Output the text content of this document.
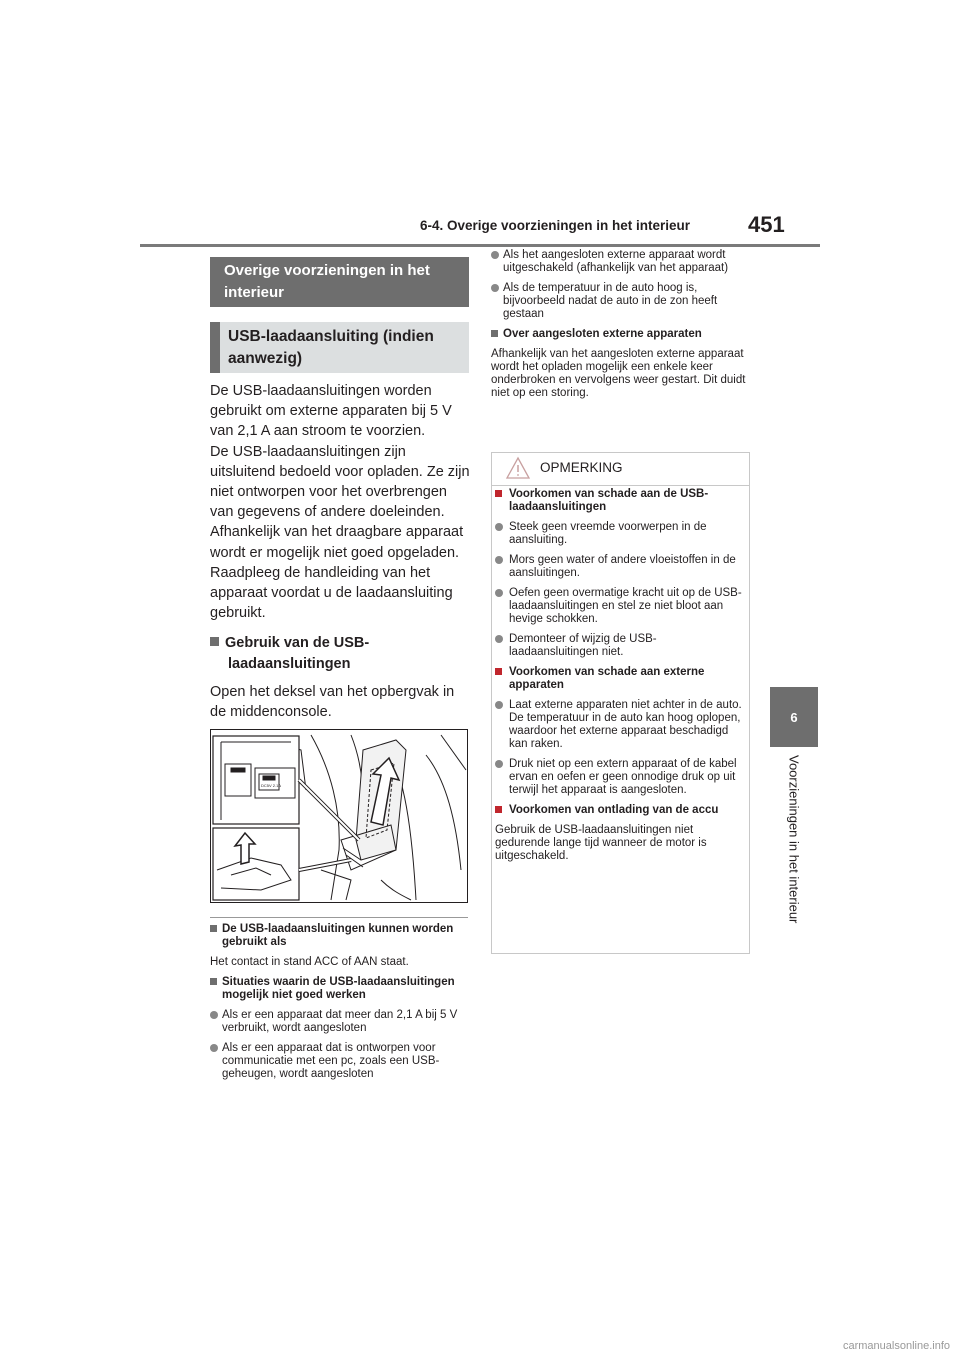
6-4. Overige voorzieningen in het interieur	451
6
Voorzieningen in het interieur
Overige voorzieningen in het interieur
USB-laadaansluiting (indien aanwezig)

De USB-laadaansluitingen worden gebruikt om externe apparaten bij 5 V van 2,1 A aan stroom te voorzien.

De USB-laadaansluitingen zijn uitsluitend bedoeld voor opladen. Ze zijn niet ontworpen voor het overbrengen van gegevens of andere doeleinden.

Afhankelijk van het draagbare apparaat wordt er mogelijk niet goed opgeladen. Raadpleeg de handleiding van het apparaat voordat u de laadaansluiting gebruikt.

Gebruik van de USB-laadaansluitingen

Open het deksel van het opbergvak in de middenconsole.

DC5V 2.1A
De USB-laadaansluitingen kunnen worden gebruikt als
Het contact in stand ACC of AAN staat.
Situaties waarin de USB-laadaansluitingen mogelijk niet goed werken
Als er een apparaat dat meer dan 2,1 A bij 5 V verbruikt, wordt aangesloten
Als er een apparaat dat is ontworpen voor communicatie met een pc, zoals een USB-geheugen, wordt aangesloten
Als het aangesloten externe apparaat wordt uitgeschakeld (afhankelijk van het apparaat)
Als de temperatuur in de auto hoog is, bijvoorbeeld nadat de auto in de zon heeft gestaan
Over aangesloten externe apparaten
Afhankelijk van het aangesloten externe apparaat wordt het opladen mogelijk een enkele keer onderbroken en vervolgens weer gestart. Dit duidt niet op een storing.
OPMERKING
Voorkomen van schade aan de USB-laadaansluitingen
Steek geen vreemde voorwerpen in de aansluiting.
Mors geen water of andere vloeistoffen in de aansluitingen.
Oefen geen overmatige kracht uit op de USB-laadaansluitingen en stel ze niet bloot aan hevige schokken.
Demonteer of wijzig de USB-laadaansluitingen niet.
Voorkomen van schade aan externe apparaten
Laat externe apparaten niet achter in de auto. De temperatuur in de auto kan hoog oplopen, waardoor het externe apparaat beschadigd kan raken.
Druk niet op een extern apparaat of de kabel ervan en oefen er geen onnodige druk op uit terwijl het apparaat is aangesloten.
Voorkomen van ontlading van de accu
Gebruik de USB-laadaansluitingen niet gedurende lange tijd wanneer de motor is uitgeschakeld.
carmanualsonline.info
